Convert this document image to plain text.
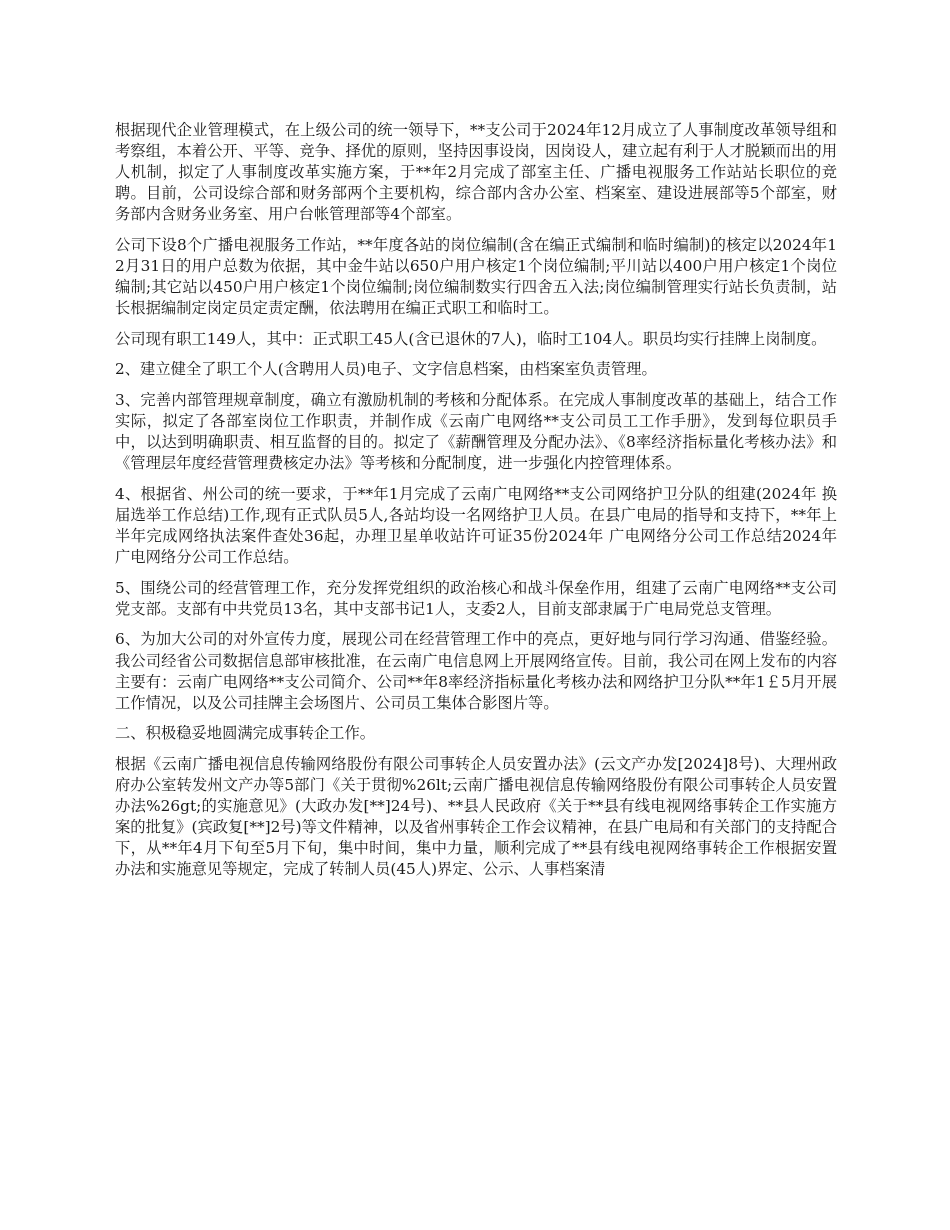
根据现代企业管理模式，在上级公司的统一领导下，**支公司于2024年12月成立了人事制度改革领导组和考察组，本着公开、平等、竞争、择优的原则，坚持因事设岗，因岗设人，建立起有利于人才脱颖而出的用人机制，拟定了人事制度改革实施方案，于**年2月完成了部室主任、广播电视服务工作站站长职位的竞聘。目前，公司设综合部和财务部两个主要机构，综合部内含办公室、档案室、建设进展部等5个部室，财务部内含财务业务室、用户台帐管理部等4个部室。

公司下设8个广播电视服务工作站，**年度各站的岗位编制(含在编正式编制和临时编制)的核定以2024年12月31日的用户总数为依据，其中金牛站以650户用户核定1个岗位编制;平川站以400户用户核定1个岗位编制;其它站以450户用户核定1个岗位编制;岗位编制数实行四舍五入法;岗位编制管理实行站长负责制，站长根据编制定岗定员定责定酬，依法聘用在编正式职工和临时工。

公司现有职工149人，其中：正式职工45人(含已退休的7人)，临时工104人。职员均实行挂牌上岗制度。

2、建立健全了职工个人(含聘用人员)电子、文字信息档案，由档案室负责管理。

3、完善内部管理规章制度，确立有激励机制的考核和分配体系。在完成人事制度改革的基础上，结合工作实际，拟定了各部室岗位工作职责，并制作成《云南广电网络**支公司员工工作手册》，发到每位职员手中，以达到明确职责、相互监督的目的。拟定了《薪酬管理及分配办法》、《8率经济指标量化考核办法》和《管理层年度经营管理费核定办法》等考核和分配制度，进一步强化内控管理体系。

4、根据省、州公司的统一要求，于**年1月完成了云南广电网络**支公司网络护卫分队的组建(2024年 换届选举工作总结)工作,现有正式队员5人,各站均设一名网络护卫人员。在县广电局的指导和支持下，**年上半年完成网络执法案件查处36起，办理卫星单收站许可证35份2024年 广电网络分公司工作总结2024年 广电网络分公司工作总结。

5、围绕公司的经营管理工作，充分发挥党组织的政治核心和战斗保垒作用，组建了云南广电网络**支公司党支部。支部有中共党员13名，其中支部书记1人，支委2人，目前支部隶属于广电局党总支管理。

6、为加大公司的对外宣传力度，展现公司在经营管理工作中的亮点，更好地与同行学习沟通、借鉴经验。我公司经省公司数据信息部审核批准，在云南广电信息网上开展网络宣传。目前，我公司在网上发布的内容主要有：云南广电网络**支公司简介、公司**年8率经济指标量化考核办法和网络护卫分队**年1￡5月开展工作情况，以及公司挂牌主会场图片、公司员工集体合影图片等。

二、积极稳妥地圆满完成事转企工作。

根据《云南广播电视信息传输网络股份有限公司事转企人员安置办法》(云文产办发[2024]8号)、大理州政府办公室转发州文产办等5部门《关于贯彻%26lt;云南广播电视信息传输网络股份有限公司事转企人员安置办法%26gt;的实施意见》(大政办发[**]24号)、**县人民政府《关于**县有线电视网络事转企工作实施方案的批复》(宾政复[**]2号)等文件精神，以及省州事转企工作会议精神，在县广电局和有关部门的支持配合下，从**年4月下旬至5月下旬，集中时间，集中力量，顺利完成了**县有线电视网络事转企工作根据安置办法和实施意见等规定，完成了转制人员(45人)界定、公示、人事档案清
